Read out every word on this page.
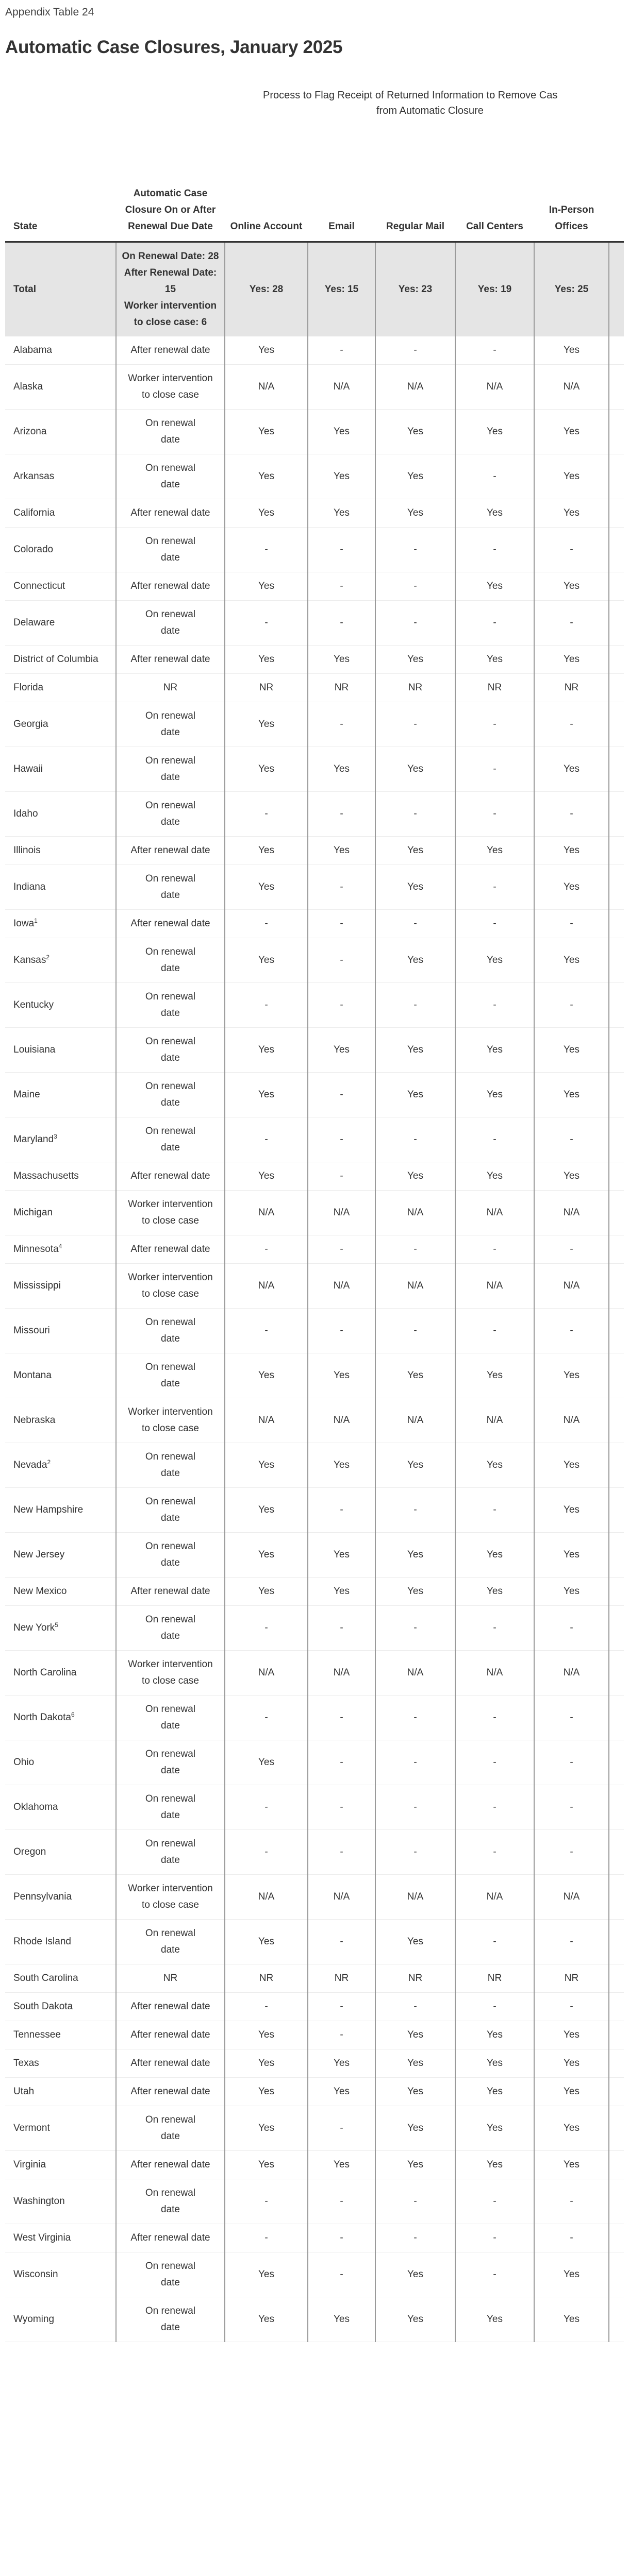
Appendix Table 24
Automatic Case Closures, January 2025

		Process to Flag Receipt of Returned Information to Remove Cas
from Automatic Closure					

State	Automatic Case Closure On or After Renewal Due Date	Online Account	Email	Regular Mail	Call Centers	In-Person Offices	
Total	On Renewal Date: 28
After Renewal Date: 15
Worker intervention to close case: 6	Yes: 28	Yes: 15	Yes: 23	Yes: 19	Yes: 25	
Alabama	After renewal date	Yes	-	-	-	Yes	
Alaska	Worker intervention to close case	N/A	N/A	N/A	N/A	N/A	
Arizona	On renewal date	Yes	Yes	Yes	Yes	Yes	
Arkansas	On renewal date	Yes	Yes	Yes	-	Yes	
California	After renewal date	Yes	Yes	Yes	Yes	Yes	
Colorado	On renewal date	-	-	-	-	-	
Connecticut	After renewal date	Yes	-	-	Yes	Yes	
Delaware	On renewal date	-	-	-	-	-	
District of Columbia	After renewal date	Yes	Yes	Yes	Yes	Yes	
Florida	NR	NR	NR	NR	NR	NR	
Georgia	On renewal date	Yes	-	-	-	-	
Hawaii	On renewal date	Yes	Yes	Yes	-	Yes	
Idaho	On renewal date	-	-	-	-	-	
Illinois	After renewal date	Yes	Yes	Yes	Yes	Yes	
Indiana	On renewal date	Yes	-	Yes	-	Yes	
Iowa$^1$	After renewal date	-	-	-	-	-	
Kansas$^2$	On renewal date	Yes	-	Yes	Yes	Yes	
Kentucky	On renewal date	-	-	-	-	-	
Louisiana	On renewal date	Yes	Yes	Yes	Yes	Yes	
Maine	On renewal date	Yes	-	Yes	Yes	Yes	
Maryland$^3$	On renewal date	-	-	-	-	-	
Massachusetts	After renewal date	Yes	-	Yes	Yes	Yes	
Michigan	Worker intervention to close case	N/A	N/A	N/A	N/A	N/A	
Minnesota$^4$	After renewal date	-	-	-	-	-	
Mississippi	Worker intervention to close case	N/A	N/A	N/A	N/A	N/A	
Missouri	On renewal date	-	-	-	-	-	
Montana	On renewal date	Yes	Yes	Yes	Yes	Yes	
Nebraska	Worker intervention to close case	N/A	N/A	N/A	N/A	N/A	
Nevada$^2$	On renewal date	Yes	Yes	Yes	Yes	Yes	
New Hampshire	On renewal date	Yes	-	-	-	Yes	
New Jersey	On renewal date	Yes	Yes	Yes	Yes	Yes	
New Mexico	After renewal date	Yes	Yes	Yes	Yes	Yes	
New York$^5$	On renewal date	-	-	-	-	-	
North Carolina	Worker intervention to close case	N/A	N/A	N/A	N/A	N/A	
North Dakota$^6$	On renewal date	-	-	-	-	-	
Ohio	On renewal date	Yes	-	-	-	-	
Oklahoma	On renewal date	-	-	-	-	-	
Oregon	On renewal date	-	-	-	-	-	
Pennsylvania	Worker intervention to close case	N/A	N/A	N/A	N/A	N/A	
Rhode Island	On renewal date	Yes	-	Yes	-	-	
South Carolina	NR	NR	NR	NR	NR	NR	
South Dakota	After renewal date	-	-	-	-	-	
Tennessee	After renewal date	Yes	-	Yes	Yes	Yes	
Texas	After renewal date	Yes	Yes	Yes	Yes	Yes	
Utah	After renewal date	Yes	Yes	Yes	Yes	Yes	
Vermont	On renewal date	Yes	-	Yes	Yes	Yes	
Virginia	After renewal date	Yes	Yes	Yes	Yes	Yes	
Washington	On renewal date	-	-	-	-	-	
West Virginia	After renewal date	-	-	-	-	-	
Wisconsin	On renewal date	Yes	-	Yes	-	Yes	
Wyoming	On renewal date	Yes	Yes	Yes	Yes	Yes	
